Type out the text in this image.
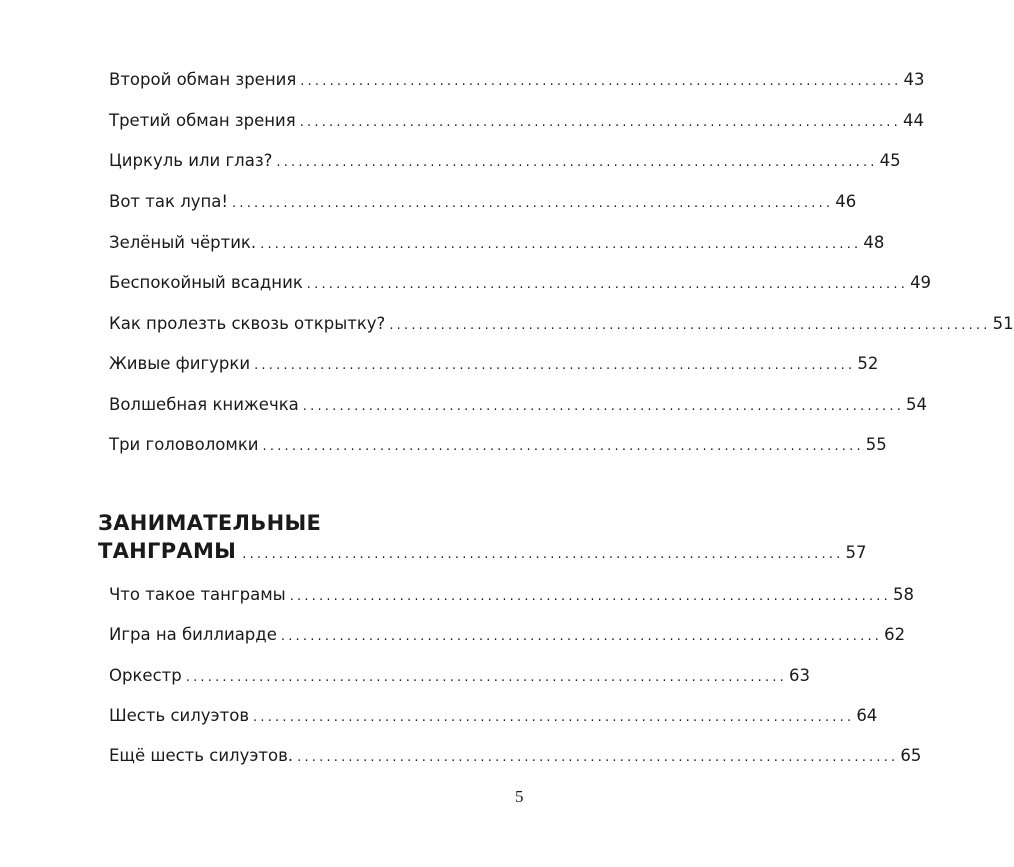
Второй обман зрения .................................................................................. 43
Третий обман зрения .................................................................................. 44
Циркуль или глаз? .................................................................................. 45
Вот так лупа! .................................................................................. 46
Зелёный чёртик. .................................................................................. 48
Беспокойный всадник .................................................................................. 49
Как пролезть сквозь открытку? .................................................................................. 51
Живые фигурки .................................................................................. 52
Волшебная книжечка .................................................................................. 54
Три головоломки .................................................................................. 55
ЗАНИМАТЕЛЬНЫЕ
ТАНГРАМЫ .................................................................................. 57
Что такое танграмы .................................................................................. 58
Игра на биллиарде .................................................................................. 62
Оркестр .................................................................................. 63
Шесть силуэтов .................................................................................. 64
Ещё шесть силуэтов. .................................................................................. 65
5
